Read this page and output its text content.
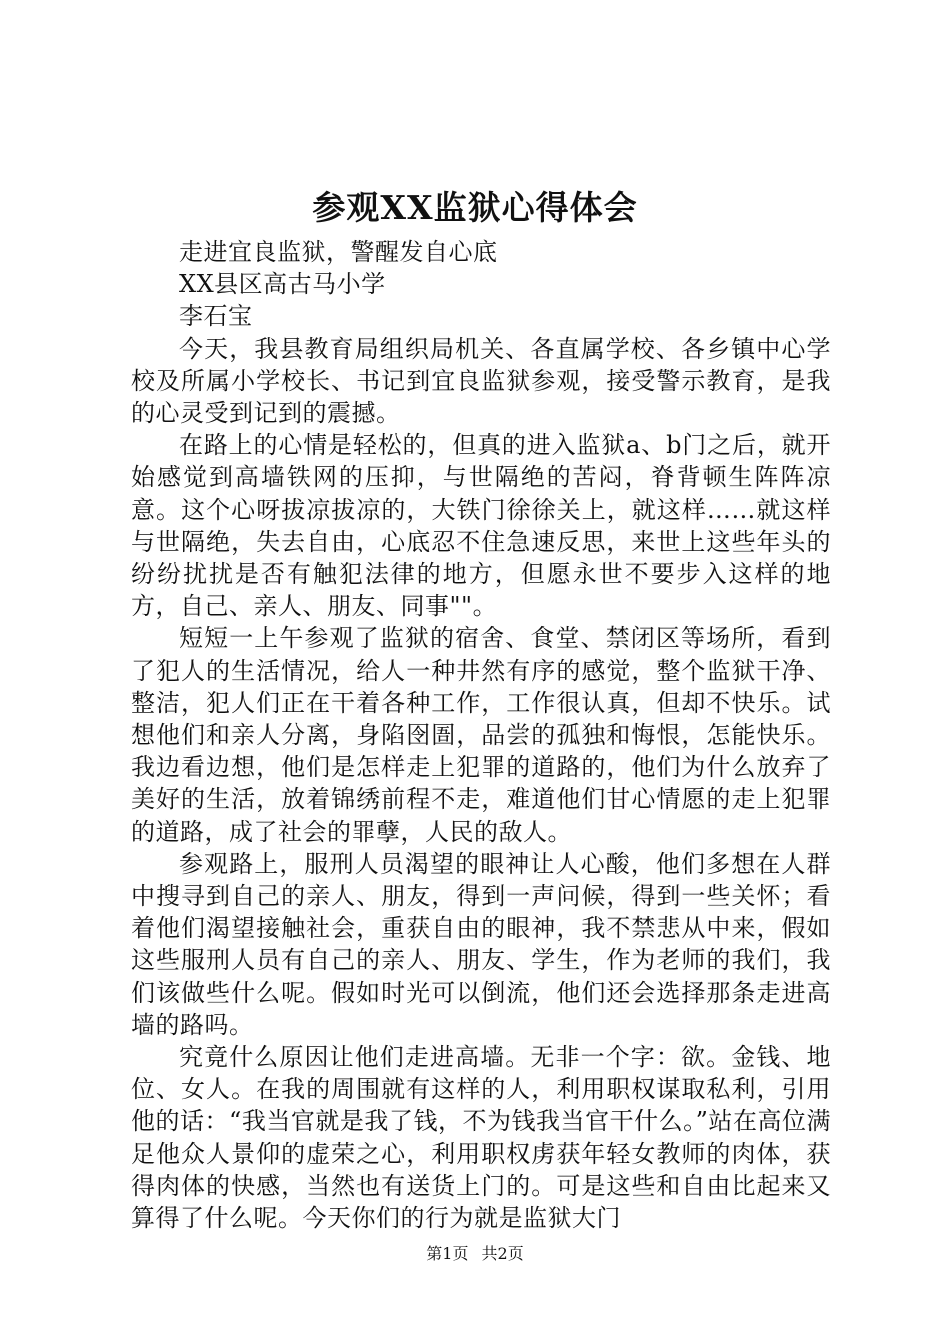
参观XX监狱心得体会

走进宜良监狱，警醒发自心底

XX县区高古马小学

李石宝

今天，我县教育局组织局机关、各直属学校、各乡镇中心学校及所属小学校长、书记到宜良监狱参观，接受警示教育，是我的心灵受到记到的震撼。

在路上的心情是轻松的，但真的进入监狱a、b门之后，就开始感觉到高墙铁网的压抑，与世隔绝的苦闷，脊背顿生阵阵凉意。这个心呀拔凉拔凉的，大铁门徐徐关上，就这样……就这样与世隔绝，失去自由，心底忍不住急速反思，来世上这些年头的纷纷扰扰是否有触犯法律的地方，但愿永世不要步入这样的地方，自己、亲人、朋友、同事""。

短短一上午参观了监狱的宿舍、食堂、禁闭区等场所，看到了犯人的生活情况，给人一种井然有序的感觉，整个监狱干净、整洁，犯人们正在干着各种工作，工作很认真，但却不快乐。试想他们和亲人分离，身陷囹圄，品尝的孤独和悔恨，怎能快乐。我边看边想，他们是怎样走上犯罪的道路的，他们为什么放弃了美好的生活，放着锦绣前程不走，难道他们甘心情愿的走上犯罪的道路，成了社会的罪孽，人民的敌人。

参观路上，服刑人员渴望的眼神让人心酸，他们多想在人群中搜寻到自己的亲人、朋友，得到一声问候，得到一些关怀；看着他们渴望接触社会，重获自由的眼神，我不禁悲从中来，假如这些服刑人员有自己的亲人、朋友、学生，作为老师的我们，我们该做些什么呢。假如时光可以倒流，他们还会选择那条走进高墙的路吗。

究竟什么原因让他们走进高墙。无非一个字：欲。金钱、地位、女人。在我的周围就有这样的人，利用职权谋取私利，引用他的话：“我当官就是我了钱，不为钱我当官干什么。”站在高位满足他众人景仰的虚荣之心，利用职权虏获年轻女教师的肉体，获得肉体的快感，当然也有送货上门的。可是这些和自由比起来又算得了什么呢。今天你们的行为就是监狱大门

第1页 共2页
